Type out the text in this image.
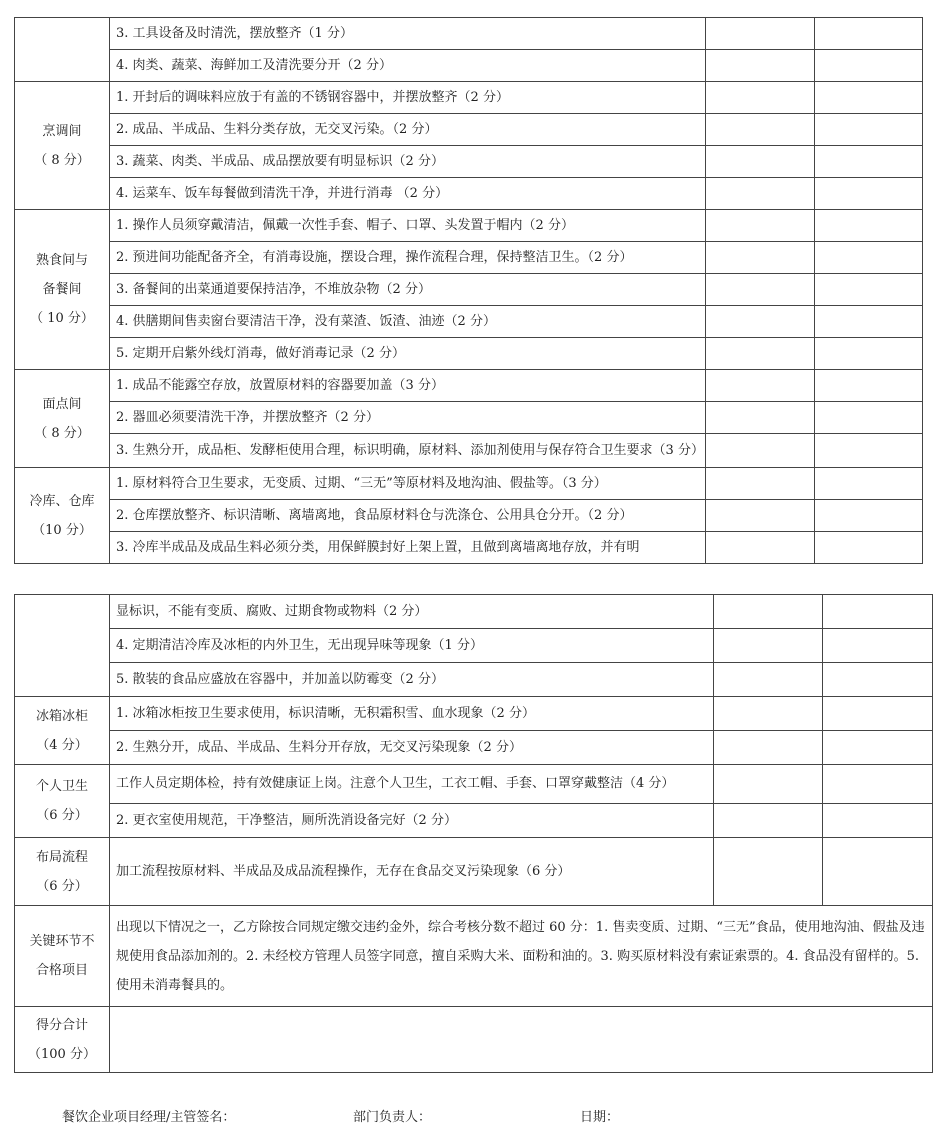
	3. 工具设备及时清洗，摆放整齐（1 分）		
	4. 肉类、蔬菜、海鲜加工及清洗要分开（2 分）		

烹调间
（ 8 分）	1. 开封后的调味料应放于有盖的不锈钢容器中，并摆放整齐（2 分）		
	2. 成品、半成品、生料分类存放，无交叉污染。（2 分）		
	3. 蔬菜、肉类、半成品、成品摆放要有明显标识（2 分）		
	4. 运菜车、饭车每餐做到清洗干净，并进行消毒 （2 分）		

熟食间与
备餐间
（ 10 分）	1. 操作人员须穿戴清洁，佩戴一次性手套、帽子、口罩、头发置于帽内（2 分）		
	2. 预进间功能配备齐全，有消毒设施，摆设合理，操作流程合理，保持整洁卫生。（2 分）		
	3. 备餐间的出菜通道要保持洁净，不堆放杂物（2 分）		
	4. 供膳期间售卖窗台要清洁干净，没有菜渣、饭渣、油迹（2 分）		
	5. 定期开启紫外线灯消毒，做好消毒记录（2 分）		

面点间
（ 8 分）	1. 成品不能露空存放，放置原材料的容器要加盖（3 分）		
	2. 器皿必须要清洗干净，并摆放整齐（2 分）		
	3. 生熟分开，成品柜、发酵柜使用合理，标识明确，原材料、添加剂使用与保存符合卫生要求（3 分）		

冷库、仓库
（10 分）	1. 原材料符合卫生要求，无变质、过期、“三无”等原材料及地沟油、假盐等。（3 分）		
	2. 仓库摆放整齐、标识清晰、离墙离地，食品原材料仓与洗涤仓、公用具仓分开。（2 分）		
	3. 冷库半成品及成品生料必须分类，用保鲜膜封好上架上置，且做到离墙离地存放，并有明		
	显标识，不能有变质、腐败、过期食物或物料（2 分）		
	4. 定期清洁冷库及冰柜的内外卫生，无出现异味等现象（1 分）		
	5. 散装的食品应盛放在容器中，并加盖以防霉变（2 分）		

冰箱冰柜
（4 分）	1. 冰箱冰柜按卫生要求使用，标识清晰，无积霜积雪、血水现象（2 分）		
	2. 生熟分开，成品、半成品、生料分开存放，无交叉污染现象（2 分）		

个人卫生
（6 分）	工作人员定期体检，持有效健康证上岗。注意个人卫生，工衣工帽、手套、口罩穿戴整洁（4 分）		
	2. 更衣室使用规范，干净整洁，厕所洗消设备完好（2 分）		

布局流程
（6 分）	加工流程按原材料、半成品及成品流程操作，无存在食品交叉污染现象（6 分）		

关键环节不
合格项目	出现以下情况之一，乙方除按合同规定缴交违约金外，综合考核分数不超过 60 分：1. 售卖变质、过期、“三无”食品，使用地沟油、假盐及违规使用食品添加剂的。2. 未经校方管理人员签字同意，擅自采购大米、面粉和油的。3. 购买原材料没有索证索票的。4. 食品没有留样的。5. 使用未消毒餐具的。		

得分合计
（100 分）			

餐饮企业项目经理/主管签名：	部门负责人：	日期：
